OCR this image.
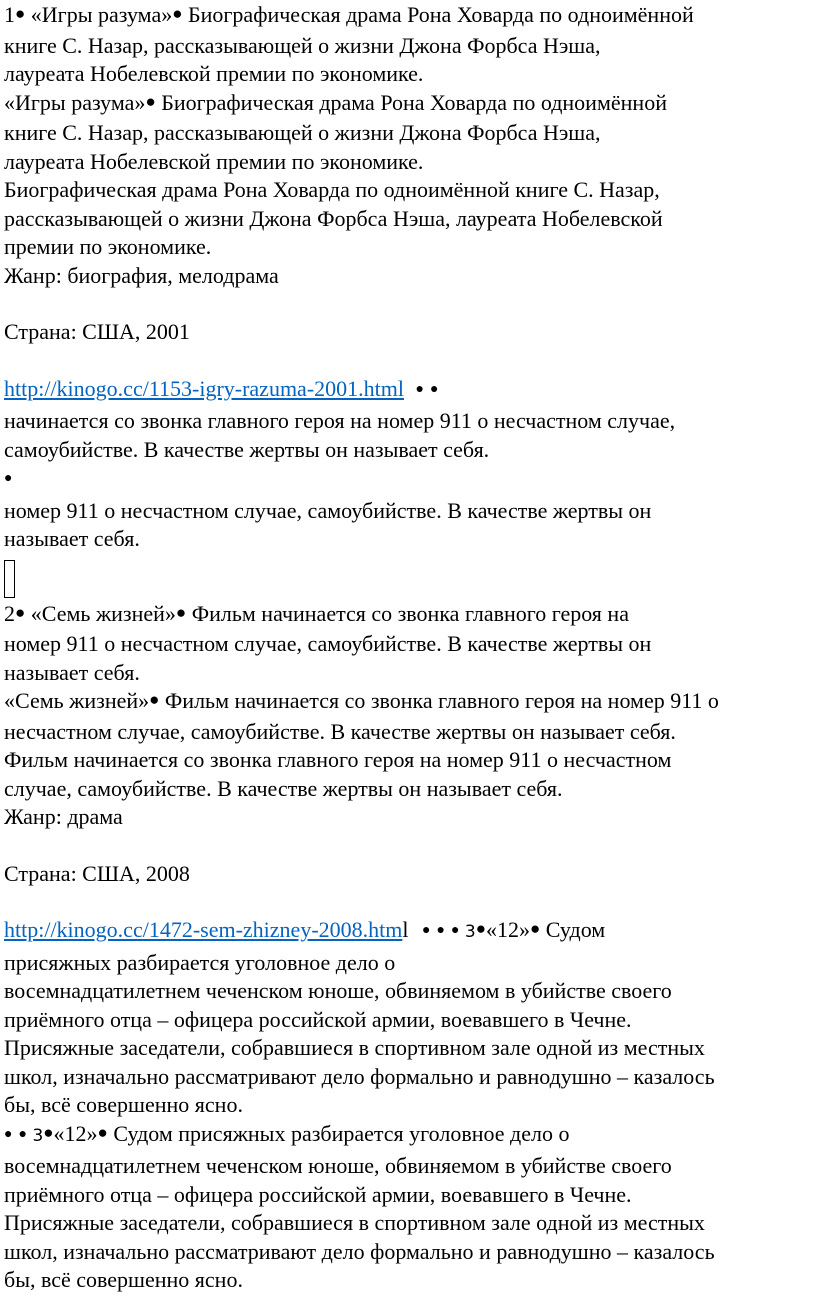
1● «Игры разума»● Биографическая драма Рона Ховарда по одноимённой
книге С. Назар, рассказывающей о жизни Джона Форбса Нэша,
лауреата Нобелевской премии по экономике.
«Игры разума»● Биографическая драма Рона Ховарда по одноимённой
книге С. Назар, рассказывающей о жизни Джона Форбса Нэша,
лауреата Нобелевской премии по экономике.
Биографическая драма Рона Ховарда по одноимённой книге С. Назар,
рассказывающей о жизни Джона Форбса Нэша, лауреата Нобелевской
премии по экономике.
Жанр: биография, мелодрама
Страна: США, 2001
http://kinogo.cc/1153-igry-razuma-2001.html ● ●
начинается со звонка главного героя на номер 911 о несчастном случае,
самоубийстве. В качестве жертвы он называет себя.
●
номер 911 о несчастном случае, самоубийстве. В качестве жертвы он
называет себя.
2● «Семь жизней»● Фильм начинается со звонка главного героя на
номер 911 о несчастном случае, самоубийстве. В качестве жертвы он
называет себя.
«Семь жизней»● Фильм начинается со звонка главного героя на номер 911 о
несчастном случае, самоубийстве. В качестве жертвы он называет себя.
Фильм начинается со звонка главного героя на номер 911 о несчастном
случае, самоубийстве. В качестве жертвы он называет себя.
Жанр: драма
Страна: США, 2008
http://kinogo.cc/1472-sem-zhizney-2008.html ● ● ● 3●«12»● Судом
присяжных разбирается уголовное дело о
восемнадцатилетнем чеченском юноше, обвиняемом в убийстве своего
приёмного отца – офицера российской армии, воевавшего в Чечне.
Присяжные заседатели, собравшиеся в спортивном зале одной из местных
школ, изначально рассматривают дело формально и равнодушно – казалось
бы, всё совершенно ясно.
● ● 3●«12»● Судом присяжных разбирается уголовное дело о
восемнадцатилетнем чеченском юноше, обвиняемом в убийстве своего
приёмного отца – офицера российской армии, воевавшего в Чечне.
Присяжные заседатели, собравшиеся в спортивном зале одной из местных
школ, изначально рассматривают дело формально и равнодушно – казалось
бы, всё совершенно ясно.
